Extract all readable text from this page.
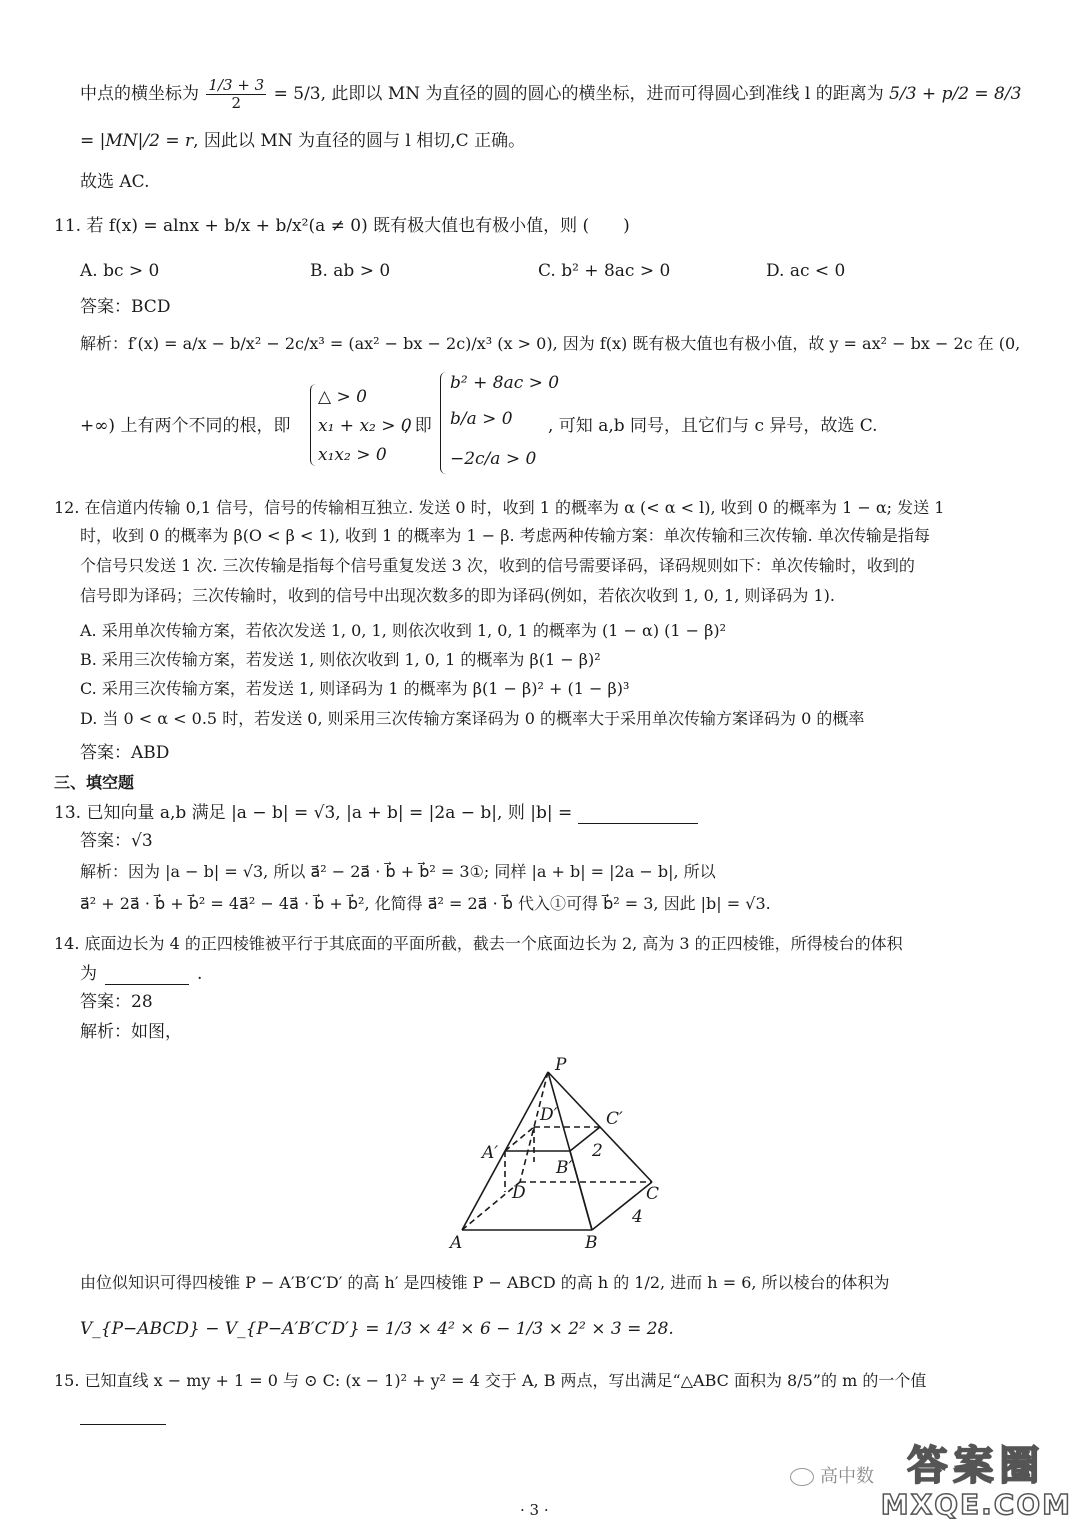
中点的横坐标为 $\frac{1/3 + 3}{2} = 5/3$, 此即以 MN 为直径的圆的圆心的横坐标，进而可得圆心到准线 l 的距离为 5/3 + p/2 = 8/3
= |MN|/2 = r, 因此以 MN 为直径的圆与 l 相切,C 正确。
故选 AC.
11. 若 f(x) = alnx + b/x + b/x²(a ≠ 0) 既有极大值也有极小值，则 (　　)
A. bc > 0	B. ab > 0	C. b² + 8ac > 0	D. ac < 0
答案：BCD
解析：f′(x) = a/x − b/x² − 2c/x³ = (ax² − bx − 2c)/x³ (x > 0), 因为 f(x) 既有极大值也有极小值，故 y = ax² − bx − 2c 在 (0,
+∞) 上有两个不同的根，即
△ > 0
x₁ + x₂ > 0
x₁x₂ > 0
, 即
b² + 8ac > 0
b/a > 0
−2c/a > 0
, 可知 a,b 同号，且它们与 c 异号，故选 C.
12. 在信道内传输 0,1 信号，信号的传输相互独立. 发送 0 时，收到 1 的概率为 α (< α < l), 收到 0 的概率为 1 − α; 发送 1
时，收到 0 的概率为 β(O < β < 1), 收到 1 的概率为 1 − β. 考虑两种传输方案：单次传输和三次传输. 单次传输是指每
个信号只发送 1 次. 三次传输是指每个信号重复发送 3 次，收到的信号需要译码，译码规则如下：单次传输时，收到的
信号即为译码；三次传输时，收到的信号中出现次数多的即为译码(例如，若依次收到 1, 0, 1, 则译码为 1).
A. 采用单次传输方案，若依次发送 1, 0, 1, 则依次收到 1, 0, 1 的概率为 (1 − α) (1 − β)²
B. 采用三次传输方案，若发送 1, 则依次收到 1, 0, 1 的概率为 β(1 − β)²
C. 采用三次传输方案，若发送 1, 则译码为 1 的概率为 β(1 − β)² + (1 − β)³
D. 当 0 < α < 0.5 时，若发送 0, 则采用三次传输方案译码为 0 的概率大于采用单次传输方案译码为 0 的概率
答案：ABD
三、填空题
13. 已知向量 a,b 满足 |a − b| = √3, |a + b| = |2a − b|, 则 |b| =
答案：√3
解析：因为 |a − b| = √3, 所以 a⃗² − 2a⃗ · b⃗ + b⃗² = 3①; 同样 |a + b| = |2a − b|, 所以
a⃗² + 2a⃗ · b⃗ + b⃗² = 4a⃗² − 4a⃗ · b⃗ + b⃗², 化简得 a⃗² = 2a⃗ · b⃗ 代入①可得 b⃗² = 3, 因此 |b| = √3.
14. 底面边长为 4 的正四棱锥被平行于其底面的平面所截，截去一个底面边长为 2, 高为 3 的正四棱锥，所得棱台的体积
为	.
答案：28
解析：如图，
P
D′	C′
A′	2
B′
D	C
4
A	B
由位似知识可得四棱锥 P − A′B′C′D′ 的高 h′ 是四棱锥 P − ABCD 的高 h 的 1/2, 进而 h = 6, 所以棱台的体积为
V_{P−ABCD} − V_{P−A′B′C′D′} = 1/3 × 4² × 6 − 1/3 × 2² × 3 = 28.
15. 已知直线 x − my + 1 = 0 与 ⊙ C: (x − 1)² + y² = 4 交于 A, B 两点，写出满足“△ABC 面积为 8/5”的 m 的一个值
· 3 ·
高中数 答案圈
MXQE.COM
